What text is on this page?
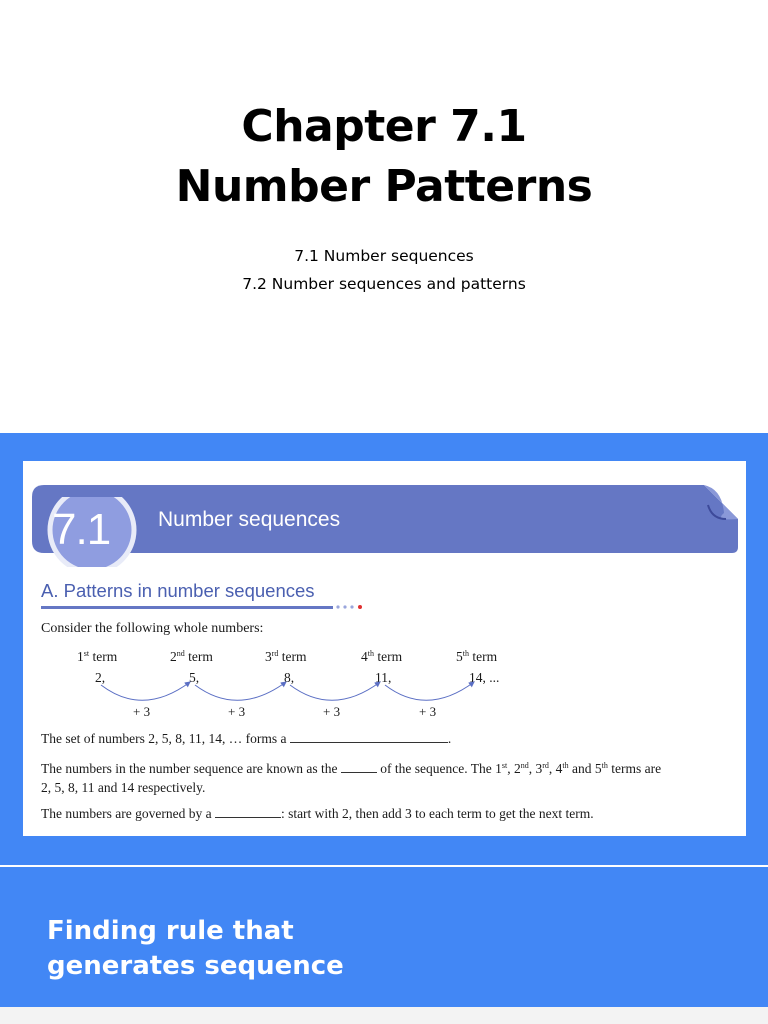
Chapter 7.1
Number Patterns
7.1 Number sequences
7.2 Number sequences and patterns
7.1	Number sequences
A. Patterns in number sequences
Consider the following whole numbers:
1st term	2nd term	3rd term	4th term	5th term
2,	5,	8,	11,	14, ...
+ 3	+ 3	+ 3	+ 3
The set of numbers 2, 5, 8, 11, 14, … forms a	.
The numbers in the number sequence are known as the	of the sequence. The 1st, 2nd, 3rd, 4th and 5th terms are
2, 5, 8, 11 and 14 respectively.
The numbers are governed by a	: start with 2, then add 3 to each term to get the next term.
Finding rule that
generates sequence
